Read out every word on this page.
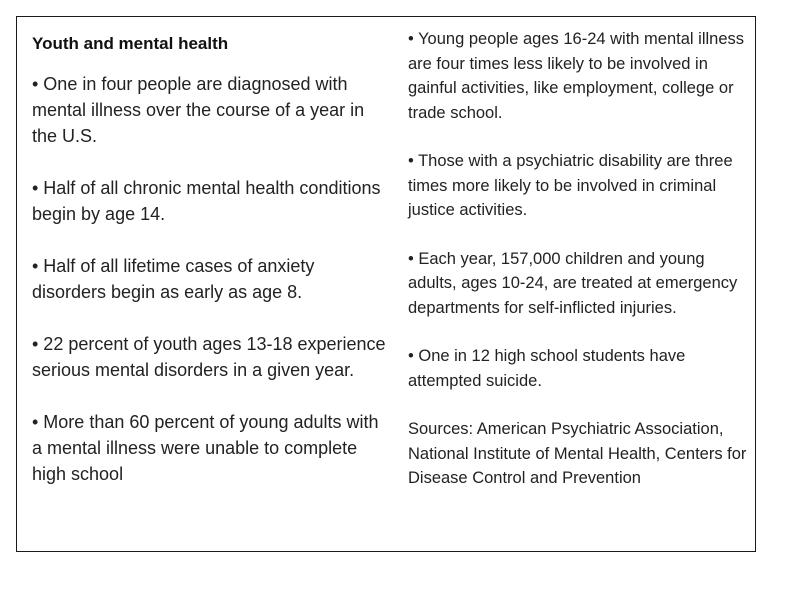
Youth and mental health

• One in four people are diagnosed with mental illness over the course of a year in the U.S.

• Half of all chronic mental health conditions begin by age 14.

• Half of all lifetime cases of anxiety disorders begin as early as age 8.

• 22 percent of youth ages 13-18 experience serious mental disorders in a given year.

• More than 60 percent of young adults with a mental illness were unable to complete high school

• Young people ages 16-24 with mental illness are four times less likely to be involved in gainful activities, like employment, college or trade school.

• Those with a psychiatric disability are three times more likely to be involved in criminal justice activities.

• Each year, 157,000 children and young adults, ages 10-24, are treated at emergency departments for self-inflicted injuries.

• One in 12 high school students have attempted suicide.

Sources: American Psychiatric Association, National Institute of Mental Health, Centers for Disease Control and Prevention
